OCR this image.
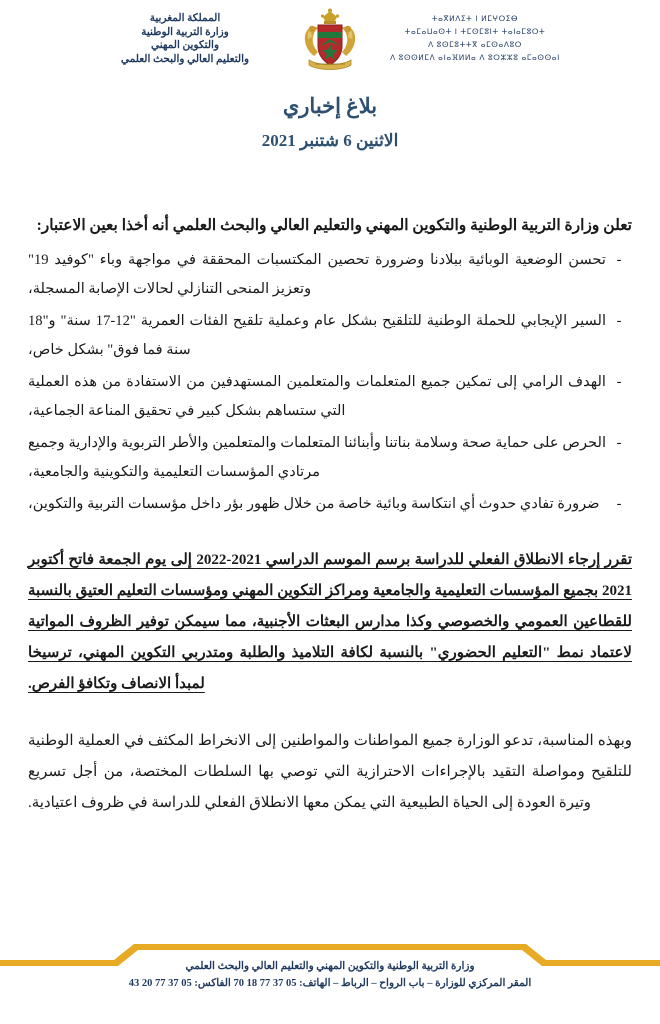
ⵜⴰⴳⵍⴷⵉⵜ ⵏ ⵍⵎⵖⵔⵉⴱ
ⵜⴰⵎⴰⵡⴰⵙⵜ ⵏ ⵜⵎⵙⵎⵓⵏⵜ ⵜⴰⵏⴰⵎⵓⵔⵜ
ⴷ ⵓⵙⵎⵓⵜⵜⴳ ⴰⵎⵙⴰⴷⵓⵔ
ⴷ ⵓⵙⵙⵍⵎⴷ ⴰⵏⴰⴼⵍⵍⴰ ⴷ ⵓⵔⵣⵣⵓ ⴰⵎⴰⵙⵙⴰⵏ
المملكة المغربية
وزارة التربية الوطنية
والتكوين المهني
والتعليم العالي والبحث العلمي
بلاغ إخباري
الاثنين 6 شتنبر 2021
تعلن وزارة التربية الوطنية والتكوين المهني والتعليم العالي والبحث العلمي أنه أخذا بعين الاعتبار:
-
تحسن الوضعية الوبائية ببلادنا وضرورة تحصين المكتسبات المحققة في مواجهة وباء "كوفيد 19" وتعزيز المنحى التنازلي لحالات الإصابة المسجلة،
-
السير الإيجابي للحملة الوطنية للتلقيح بشكل عام وعملية تلقيح الفئات العمرية "12-17 سنة" و"18 سنة فما فوق" بشكل خاص،
-
الهدف الرامي إلى تمكين جميع المتعلمات والمتعلمين المستهدفين من الاستفادة من هذه العملية التي ستساهم بشكل كبير في تحقيق المناعة الجماعية،
-
الحرص على حماية صحة وسلامة بناتنا وأبنائنا المتعلمات والمتعلمين والأطر التربوية والإدارية وجميع مرتادي المؤسسات التعليمية والتكوينية والجامعية،
-
ضرورة تفادي حدوث أي انتكاسة وبائية خاصة من خلال ظهور بؤر داخل مؤسسات التربية والتكوين،
تقرر إرجاء الانطلاق الفعلي للدراسة برسم الموسم الدراسي 2021-2022 إلى يوم الجمعة فاتح أكتوبر 2021 بجميع المؤسسات التعليمية والجامعية ومراكز التكوين المهني ومؤسسات التعليم العتيق بالنسبة للقطاعين العمومي والخصوصي وكذا مدارس البعثات الأجنبية، مما سيمكن توفير الظروف المواتية لاعتماد نمط "التعليم الحضوري" بالنسبة لكافة التلاميذ والطلبة ومتدربي التكوين المهني، ترسيخا لمبدأ الانصاف وتكافؤ الفرص.
وبهذه المناسبة، تدعو الوزارة جميع المواطنات والمواطنين إلى الانخراط المكثف في العملية الوطنية للتلقيح ومواصلة التقيد بالإجراءات الاحترازية التي توصي بها السلطات المختصة، من أجل تسريع وتيرة العودة إلى الحياة الطبيعية التي يمكن معها الانطلاق الفعلي للدراسة في ظروف اعتيادية.
وزارة التربية الوطنية والتكوين المهني والتعليم العالي والبحث العلمي
المقر المركزي للوزارة – باب الرواح – الرباط – الهاتف: 05 37 77 18 70 الفاكس: 05 37 77 20 43
